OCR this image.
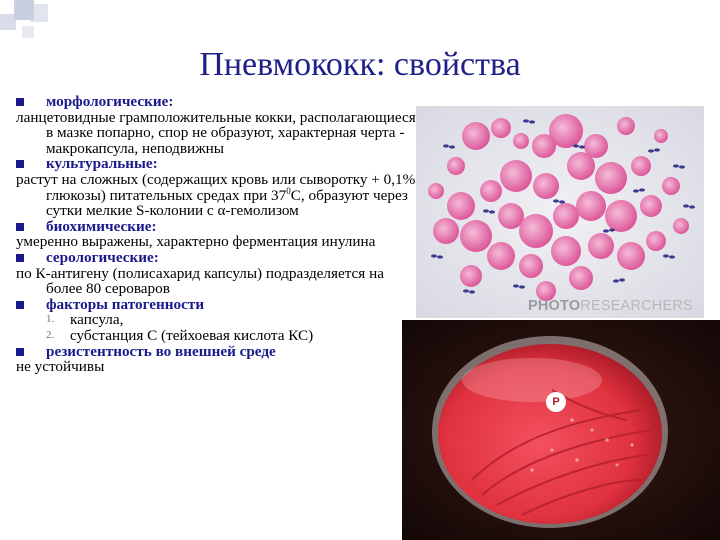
Пневмококк: свойства
морфологические:
ланцетовидные грамположительные кокки, располагающиеся в мазке попарно, спор не образуют, характерная черта - макрокапсула, неподвижны
культуральные:
растут на сложных (содержащих кровь или сыворотку + 0,1% глюкозы) питательных средах при $37^0С$, образуют через сутки мелкие S-колонии с α-гемолизом
биохимические:
умеренно выражены, характерно ферментация инулина
серологические:
по К-антигену (полисахарид капсулы) подразделяется на более 80 сероваров
факторы патогенности
1. капсула,
2. субстанция С (тейхоевая кислота КС)
резистентность во внешней среде
не устойчивы
PHOTORESEARCHERS
P
